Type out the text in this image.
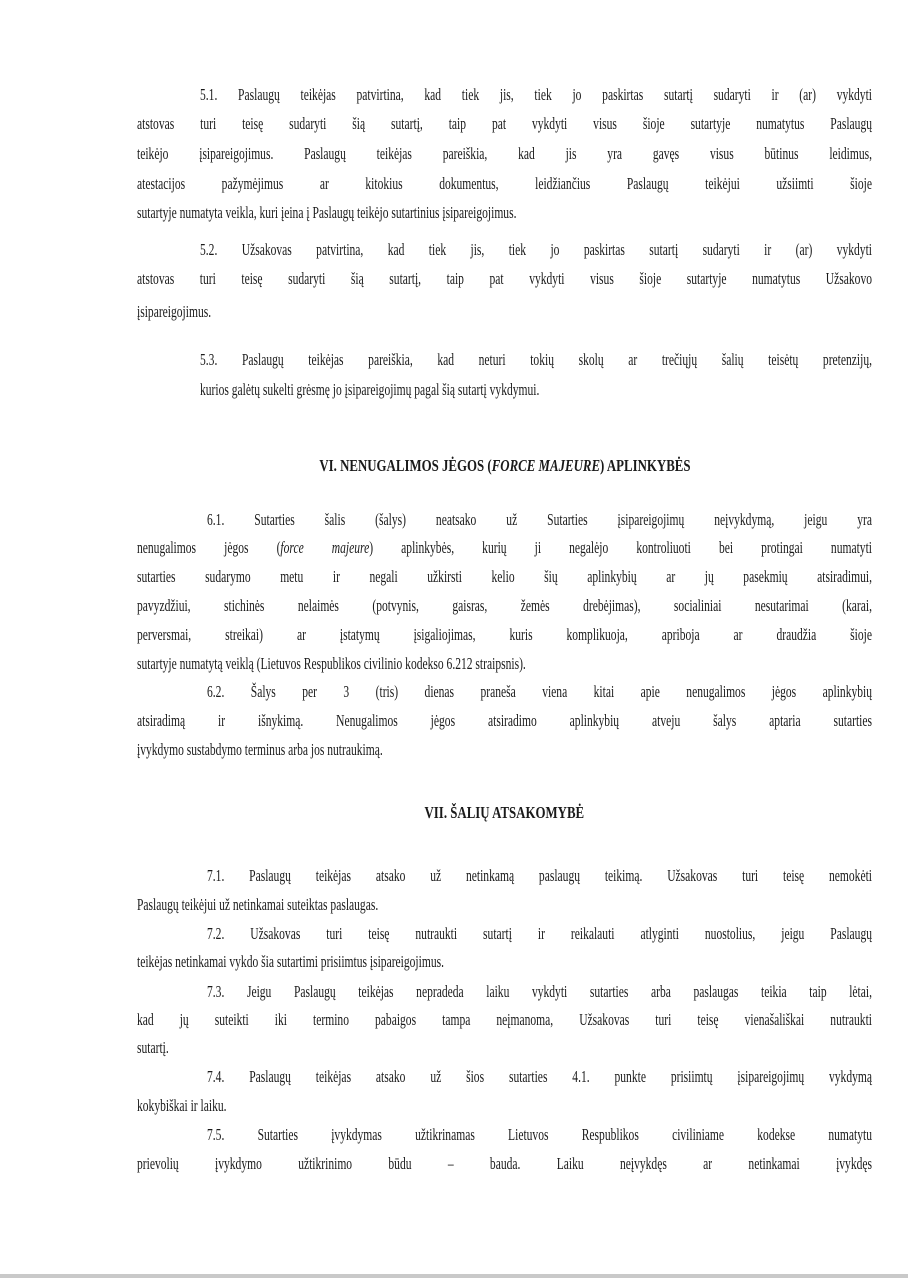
5.1. Paslaugų teikėjas patvirtina, kad tiek jis, tiek jo paskirtas sutartį sudaryti ir (ar) vykdyti
atstovas turi teisę sudaryti šią sutartį, taip pat vykdyti visus šioje sutartyje numatytus Paslaugų
teikėjo įsipareigojimus. Paslaugų teikėjas pareiškia, kad jis yra gavęs visus būtinus leidimus,
atestacijos pažymėjimus ar kitokius dokumentus, leidžiančius Paslaugų teikėjui užsiimti šioje
sutartyje numatyta veikla, kuri įeina į Paslaugų teikėjo sutartinius įsipareigojimus.
5.2. Užsakovas patvirtina, kad tiek jis, tiek jo paskirtas sutartį sudaryti ir (ar) vykdyti
atstovas turi teisę sudaryti šią sutartį, taip pat vykdyti visus šioje sutartyje numatytus Užsakovo
įsipareigojimus.
5.3. Paslaugų teikėjas pareiškia, kad neturi tokių skolų ar trečiųjų šalių teisėtų pretenzijų,
kurios galėtų sukelti grėsmę jo įsipareigojimų pagal šią sutartį vykdymui.
6.1. Sutarties šalis (šalys) neatsako už Sutarties įsipareigojimų neįvykdymą, jeigu yra
nenugalimos jėgos (force majeure) aplinkybės, kurių ji negalėjo kontroliuoti bei protingai numatyti
sutarties sudarymo metu ir negali užkirsti kelio šių aplinkybių ar jų pasekmių atsiradimui,
pavyzdžiui, stichinės nelaimės (potvynis, gaisras, žemės drebėjimas), socialiniai nesutarimai (karai,
perversmai, streikai) ar įstatymų įsigaliojimas, kuris komplikuoja, apriboja ar draudžia šioje
sutartyje numatytą veiklą (Lietuvos Respublikos civilinio kodekso 6.212 straipsnis).
6.2. Šalys per 3 (tris) dienas praneša viena kitai apie nenugalimos jėgos aplinkybių
atsiradimą ir išnykimą. Nenugalimos jėgos atsiradimo aplinkybių atveju šalys aptaria sutarties
įvykdymo sustabdymo terminus arba jos nutraukimą.
7.1. Paslaugų teikėjas atsako už netinkamą paslaugų teikimą. Užsakovas turi teisę nemokėti
Paslaugų teikėjui už netinkamai suteiktas paslaugas.
7.2. Užsakovas turi teisę nutraukti sutartį ir reikalauti atlyginti nuostolius, jeigu Paslaugų
teikėjas netinkamai vykdo šia sutartimi prisiimtus įsipareigojimus.
7.3. Jeigu Paslaugų teikėjas nepradeda laiku vykdyti sutarties arba paslaugas teikia taip lėtai,
kad jų suteikti iki termino pabaigos tampa neįmanoma, Užsakovas turi teisę vienašališkai nutraukti
sutartį.
7.4. Paslaugų teikėjas atsako už šios sutarties 4.1. punkte prisiimtų įsipareigojimų vykdymą
kokybiškai ir laiku.
7.5. Sutarties įvykdymas užtikrinamas Lietuvos Respublikos civiliniame kodekse numatytu
prievolių įvykdymo užtikrinimo būdu – bauda. Laiku neįvykdęs ar netinkamai įvykdęs
VI. NENUGALIMOS JĖGOS (FORCE MAJEURE) APLINKYBĖS
VII. ŠALIŲ ATSAKOMYBĖ
